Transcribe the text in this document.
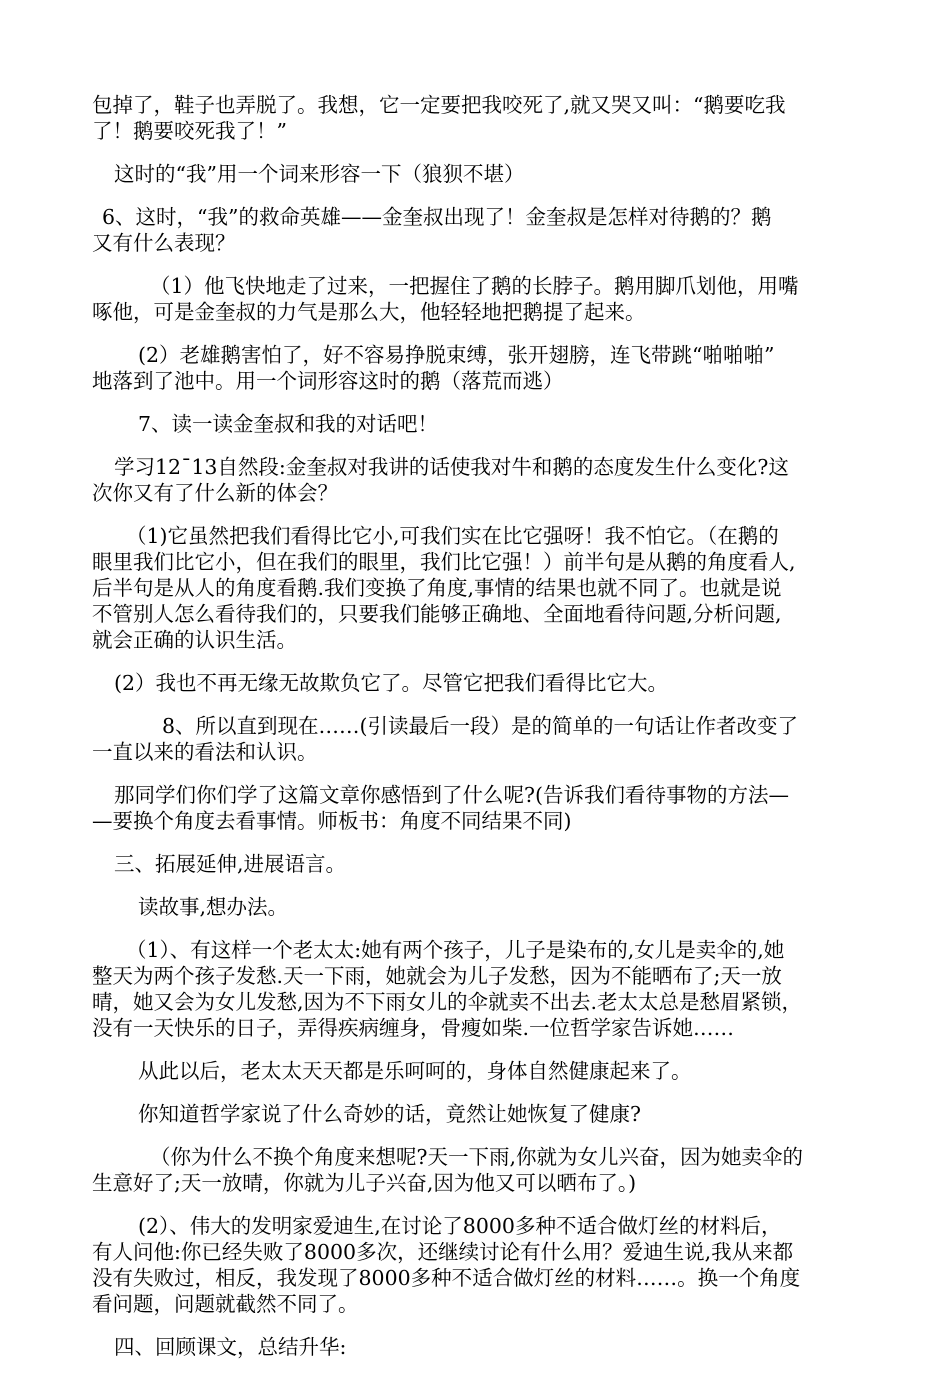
包掉了，鞋子也弄脱了。我想，它一定要把我咬死了,就又哭又叫：“鹅要吃我
了！鹅要咬死我了！”
这时的“我”用一个词来形容一下（狼狈不堪）
6、这时，“我”的救命英雄——金奎叔出现了！金奎叔是怎样对待鹅的？鹅
又有什么表现？
（1）他飞快地走了过来，一把握住了鹅的长脖子。鹅用脚爪划他，用嘴
啄他，可是金奎叔的力气是那么大，他轻轻地把鹅提了起来。
(2）老雄鹅害怕了，好不容易挣脱束缚，张开翅膀，连飞带跳“啪啪啪”
地落到了池中。用一个词形容这时的鹅（落荒而逃）
7、读一读金奎叔和我的对话吧！
学习12¯13自然段:金奎叔对我讲的话使我对牛和鹅的态度发生什么变化?这
次你又有了什么新的体会？
（1)它虽然把我们看得比它小,可我们实在比它强呀！我不怕它。（在鹅的
眼里我们比它小，但在我们的眼里，我们比它强！）前半句是从鹅的角度看人,
后半句是从人的角度看鹅.我们变换了角度,事情的结果也就不同了。也就是说
不管别人怎么看待我们的，只要我们能够正确地、全面地看待问题,分析问题,
就会正确的认识生活。
(2）我也不再无缘无故欺负它了。尽管它把我们看得比它大。
8、所以直到现在……(引读最后一段）是的简单的一句话让作者改变了
一直以来的看法和认识。
那同学们你们学了这篇文章你感悟到了什么呢?(告诉我们看待事物的方法—
—要换个角度去看事情。师板书：角度不同结果不同)
三、拓展延伸,进展语言。
读故事,想办法。
（1）、有这样一个老太太:她有两个孩子，儿子是染布的,女儿是卖伞的,她
整天为两个孩子发愁.天一下雨，她就会为儿子发愁，因为不能晒布了;天一放
晴，她又会为女儿发愁,因为不下雨女儿的伞就卖不出去.老太太总是愁眉紧锁，
没有一天快乐的日子，弄得疾病缠身，骨瘦如柴.一位哲学家告诉她……
从此以后，老太太天天都是乐呵呵的，身体自然健康起来了。
你知道哲学家说了什么奇妙的话，竟然让她恢复了健康?
（你为什么不换个角度来想呢?天一下雨,你就为女儿兴奋，因为她卖伞的
生意好了;天一放晴，你就为儿子兴奋,因为他又可以晒布了。)
(2）、伟大的发明家爱迪生,在讨论了8000多种不适合做灯丝的材料后，
有人问他:你已经失败了8000多次，还继续讨论有什么用？爱迪生说,我从来都
没有失败过，相反，我发现了8000多种不适合做灯丝的材料……。换一个角度
看问题，问题就截然不同了。
四、回顾课文，总结升华:
